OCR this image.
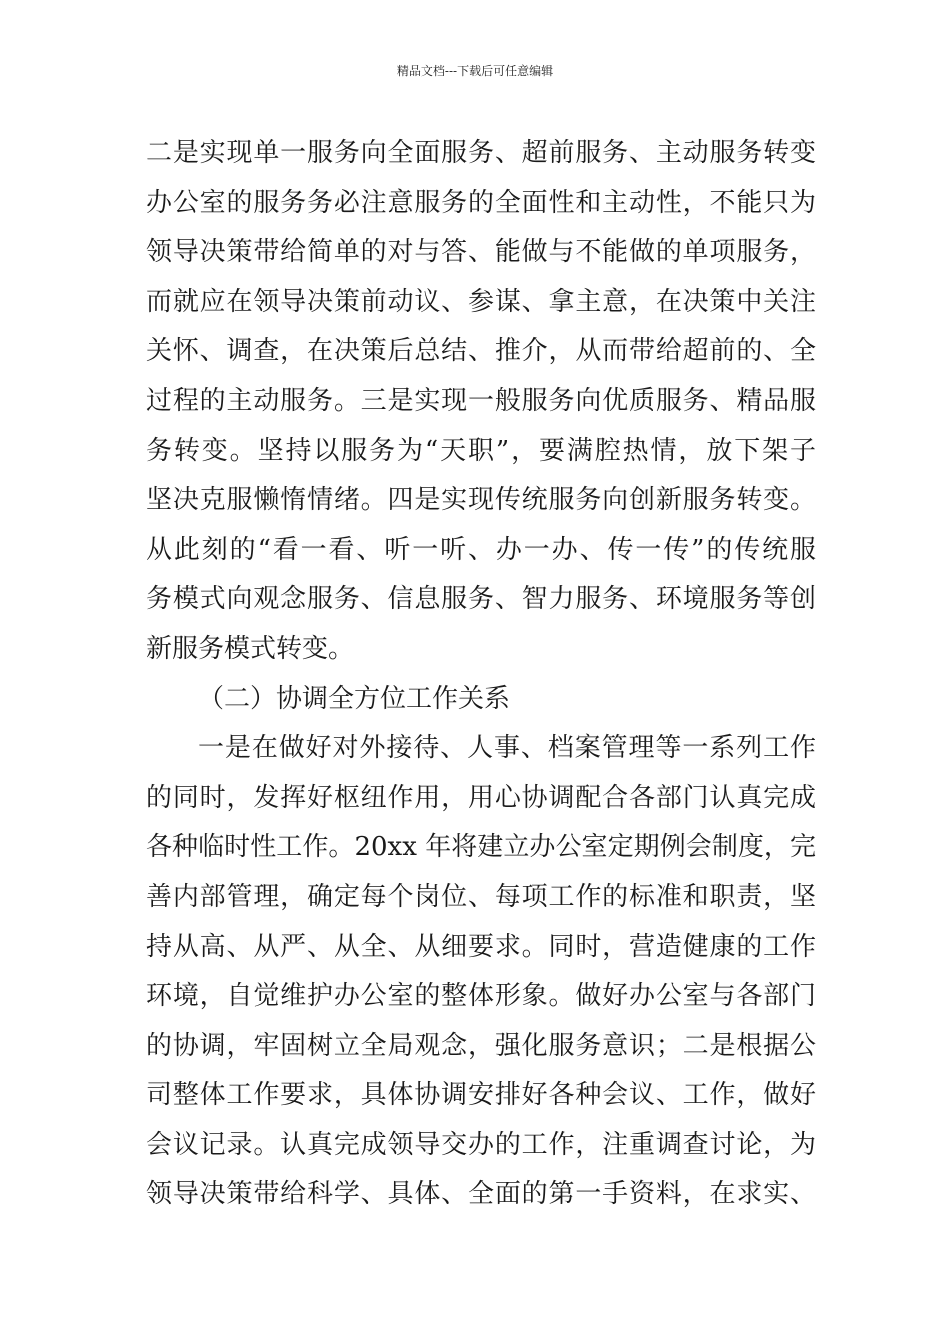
精品文档---下载后可任意编辑
二是实现单一服务向全面服务、超前服务、主动服务转变
办公室的服务务必注意服务的全面性和主动性，不能只为
领导决策带给简单的对与答、能做与不能做的单项服务，
而就应在领导决策前动议、参谋、拿主意，在决策中关注
关怀、调查，在决策后总结、推介，从而带给超前的、全
过程的主动服务。三是实现一般服务向优质服务、精品服
务转变。坚持以服务为“天职”，要满腔热情，放下架子
坚决克服懒惰情绪。四是实现传统服务向创新服务转变。
从此刻的“看一看、听一听、办一办、传一传”的传统服
务模式向观念服务、信息服务、智力服务、环境服务等创
新服务模式转变。
（二）协调全方位工作关系
一是在做好对外接待、人事、档案管理等一系列工作
的同时，发挥好枢纽作用，用心协调配合各部门认真完成
各种临时性工作。20xx 年将建立办公室定期例会制度，完
善内部管理，确定每个岗位、每项工作的标准和职责，坚
持从高、从严、从全、从细要求。同时，营造健康的工作
环境，自觉维护办公室的整体形象。做好办公室与各部门
的协调，牢固树立全局观念，强化服务意识；二是根据公
司整体工作要求，具体协调安排好各种会议、工作，做好
会议记录。认真完成领导交办的工作，注重调查讨论，为
领导决策带给科学、具体、全面的第一手资料，在求实、
